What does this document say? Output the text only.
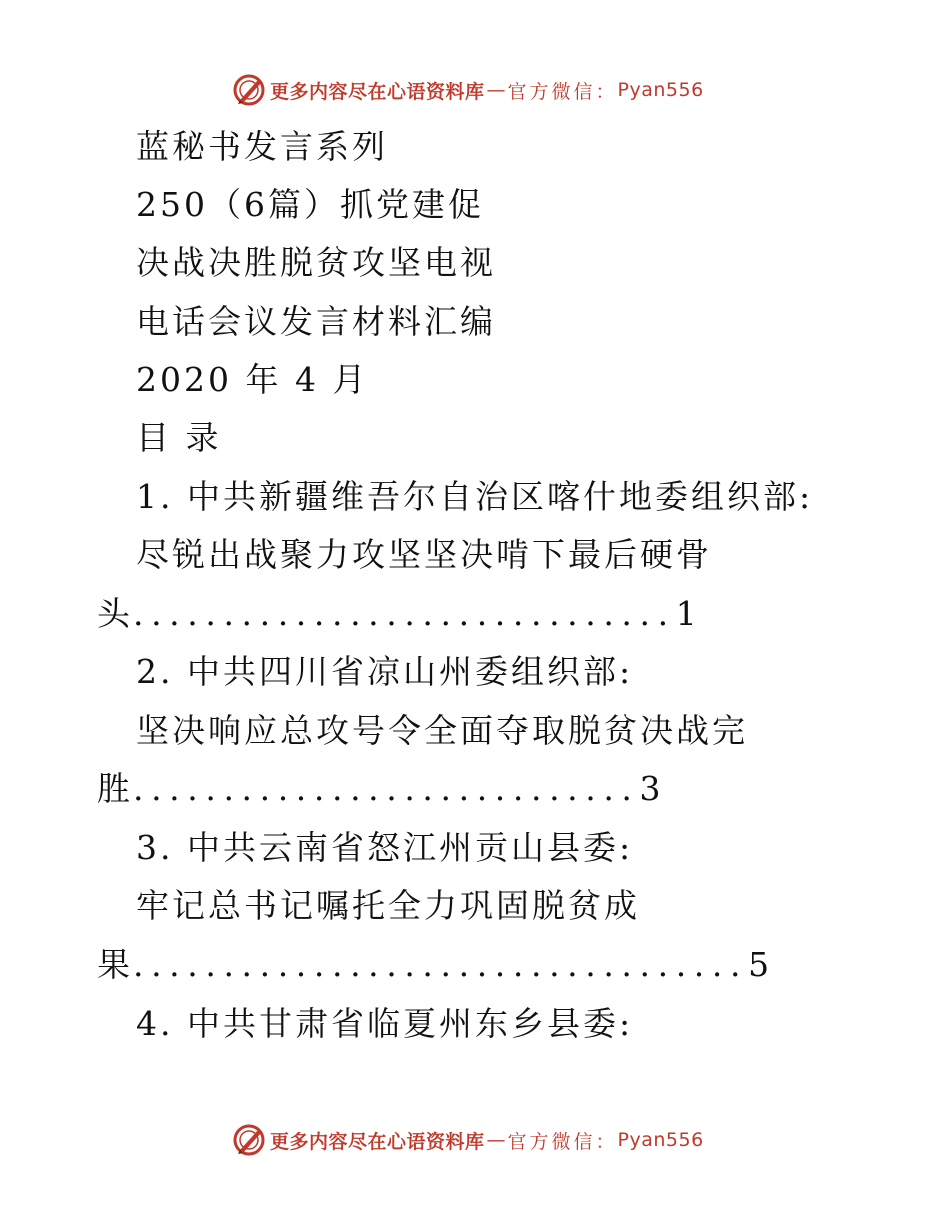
更多内容尽在心语资料库 — 官方微信： Pyan556
蓝秘书发言系列
250（6篇）抓党建促
决战决胜脱贫攻坚电视
电话会议发言材料汇编
2020 年 4 月
目 录
1. 中共新疆维吾尔自治区喀什地委组织部:
尽锐出战聚力攻坚坚决啃下最后硬骨
头 .............................. 1
2. 中共四川省凉山州委组织部:
坚决响应总攻号令全面夺取脱贫决战完
胜 ............................ 3
3. 中共云南省怒江州贡山县委:
牢记总书记嘱托全力巩固脱贫成
果 .................................. 5
4. 中共甘肃省临夏州东乡县委:
更多内容尽在心语资料库 — 官方微信： Pyan556
